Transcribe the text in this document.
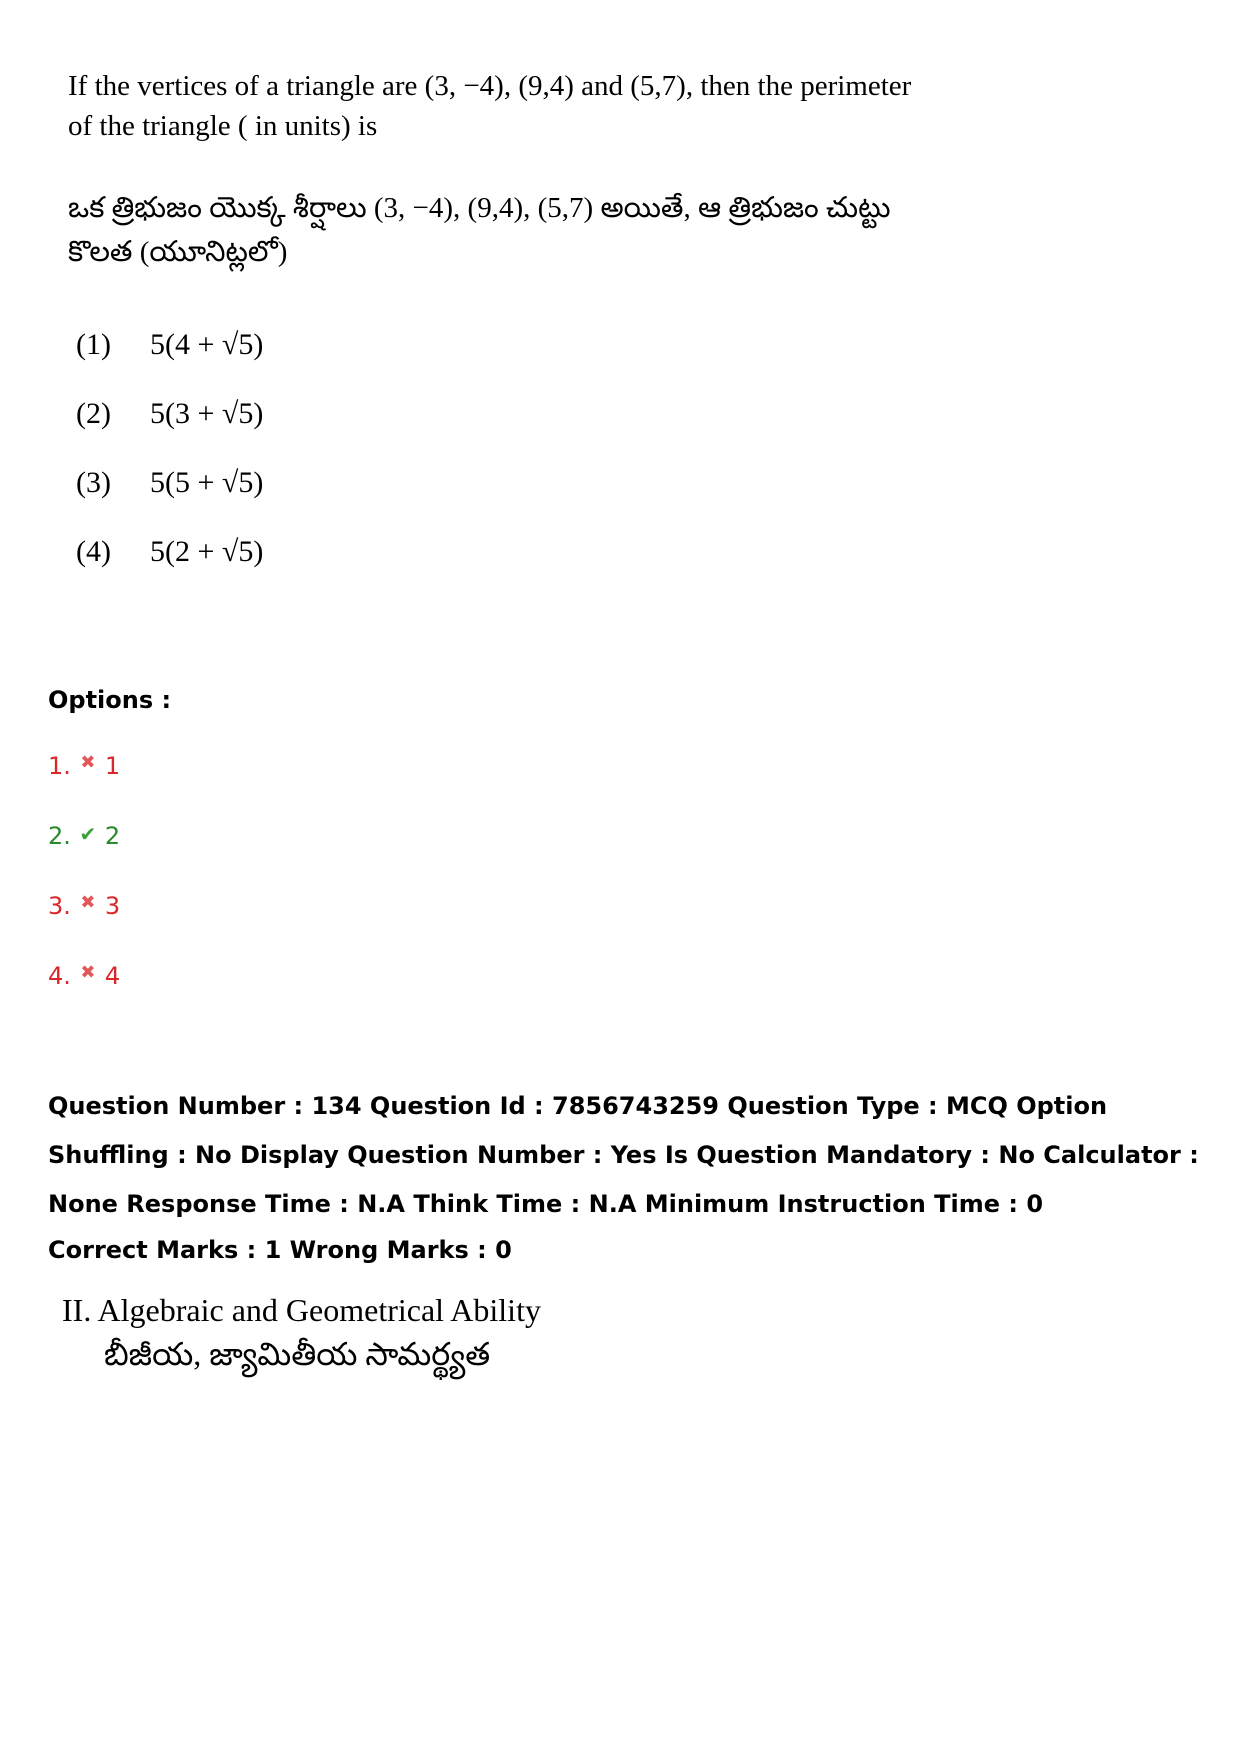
If the vertices of a triangle are (3, −4), (9,4) and (5,7), then the perimeter of the triangle ( in units) is
ఒక త్రిభుజం యొక్క శీర్షాలు (3, −4), (9,4), (5,7) అయితే, ఆ త్రిభుజం చుట్టు కొలత (యూనిట్లలో)
(1)	5(4 + √5)
(2)	5(3 + √5)
(3)	5(5 + √5)
(4)	5(2 + √5)
Options :
1. ✖ 1
2. ✔ 2
3. ✖ 3
4. ✖ 4
Question Number : 134 Question Id : 7856743259 Question Type : MCQ Option Shuffling : No Display Question Number : Yes Is Question Mandatory : No Calculator : None Response Time : N.A Think Time : N.A Minimum Instruction Time : 0
Correct Marks : 1 Wrong Marks : 0
II. Algebraic and Geometrical Ability
బీజీయ, జ్యామితీయ సామర్థ్యత
